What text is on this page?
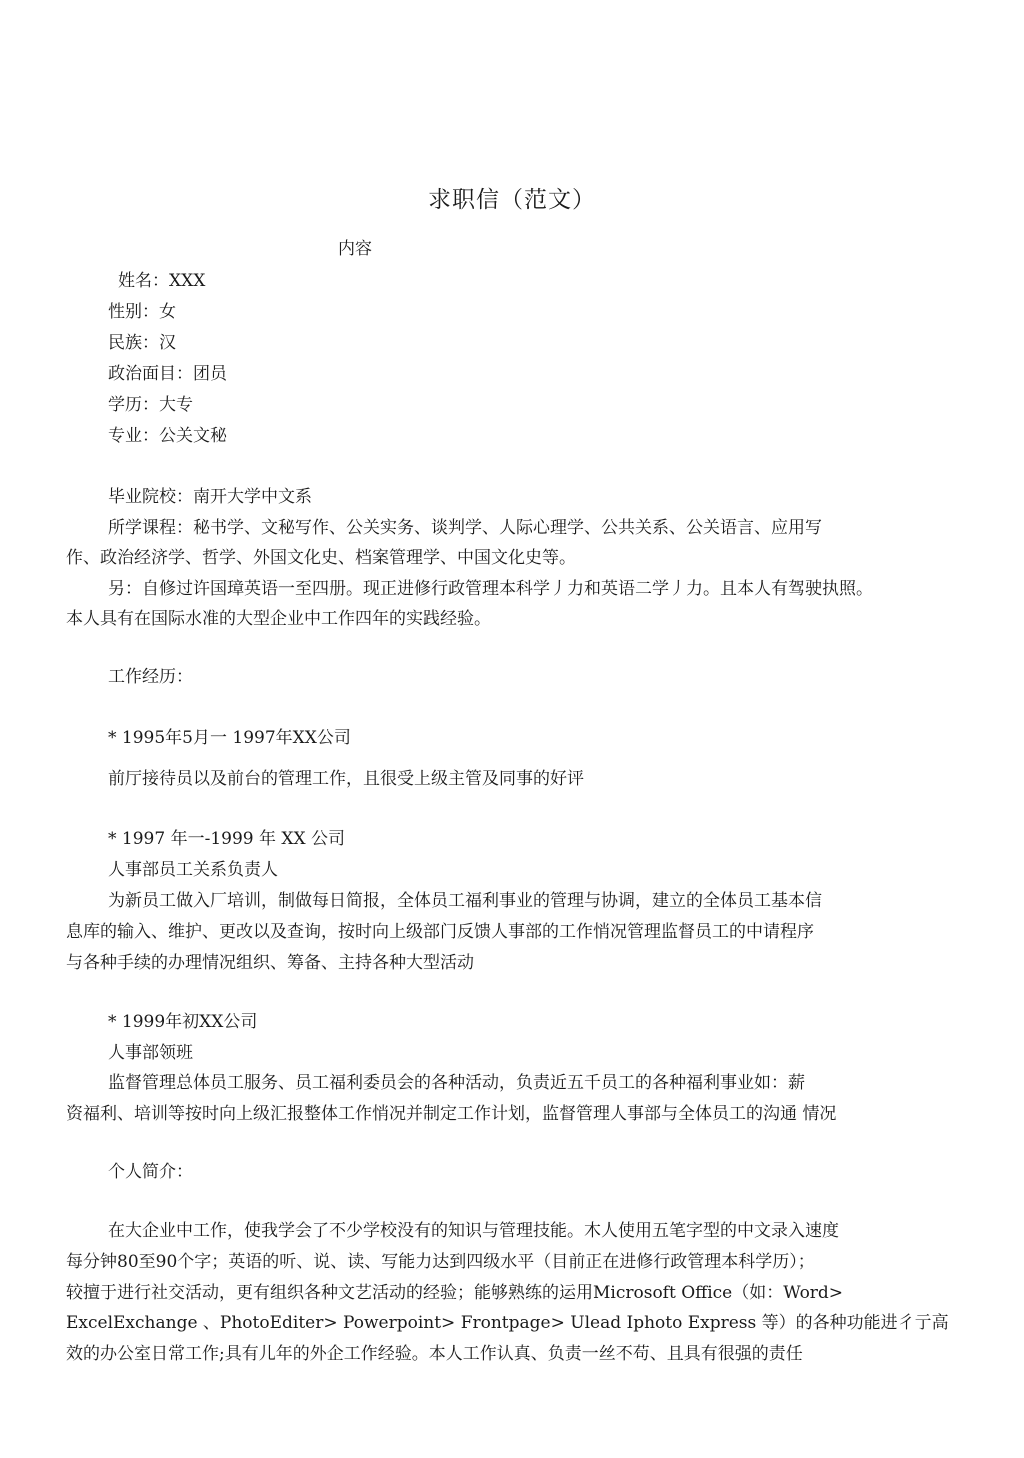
求职信（范文）
内容
姓名：XXX
性别：女
民族：汉
政治面目：团员
学历：大专
专业：公关文秘
毕业院校：南开大学中文系
所学课程：秘书学、文秘写作、公关实务、谈判学、人际心理学、公共关系、公关语言、应用写
作、政治经济学、哲学、外国文化史、档案管理学、中国文化史等。
另：自修过许国璋英语一至四册。现正进修行政管理本科学丿力和英语二学丿力。且本人有驾驶执照。
本人具有在国际水准的大型企业中工作四年的实践经验。
工作经历：
* 1995年5月一 1997年XX公司
前厅接待员以及前台的管理工作，且很受上级主管及同事的好评
* 1997 年一-1999 年 XX 公司
人事部员工关系负责人
为新员工做入厂培训，制做每日简报，全体员工福利事业的管理与协调，建立的全体员工基本信
息库的输入、维护、更改以及查询，按时向上级部门反馈人事部的工作悄况管理监督员工的中请程序
与各种手续的办理情况组织、筹备、主持各种大型活动
* 1999年初XX公司
人事部领班
监督管理总体员工服务、员工福利委员会的各种活动，负责近五千员工的各种福利事业如：薪
资福利、培训等按时向上级汇报整体工作悄况并制定工作计划，监督管理人事部与全体员工的沟通 情况
个人简介：
在大企业中工作，使我学会了不少学校没有的知识与管理技能。木人使用五笔字型的中文录入速度
每分钟80至90个字；英语的听、说、读、写能力达到四级水平（目前正在进修行政管理本科学历）；
较擅于进行社交活动，更有组织各种文艺活动的经验；能够熟练的运用Microsoft Office（如：Word>
ExcelExchange 、PhotoEditer> Powerpoint> Frontpage> Ulead Iphoto Express 等）的各种功能进彳亍高
效的办公室日常工作;具有儿年的外企工作经验。本人工作认真、负责一丝不苟、且具有很强的责任
